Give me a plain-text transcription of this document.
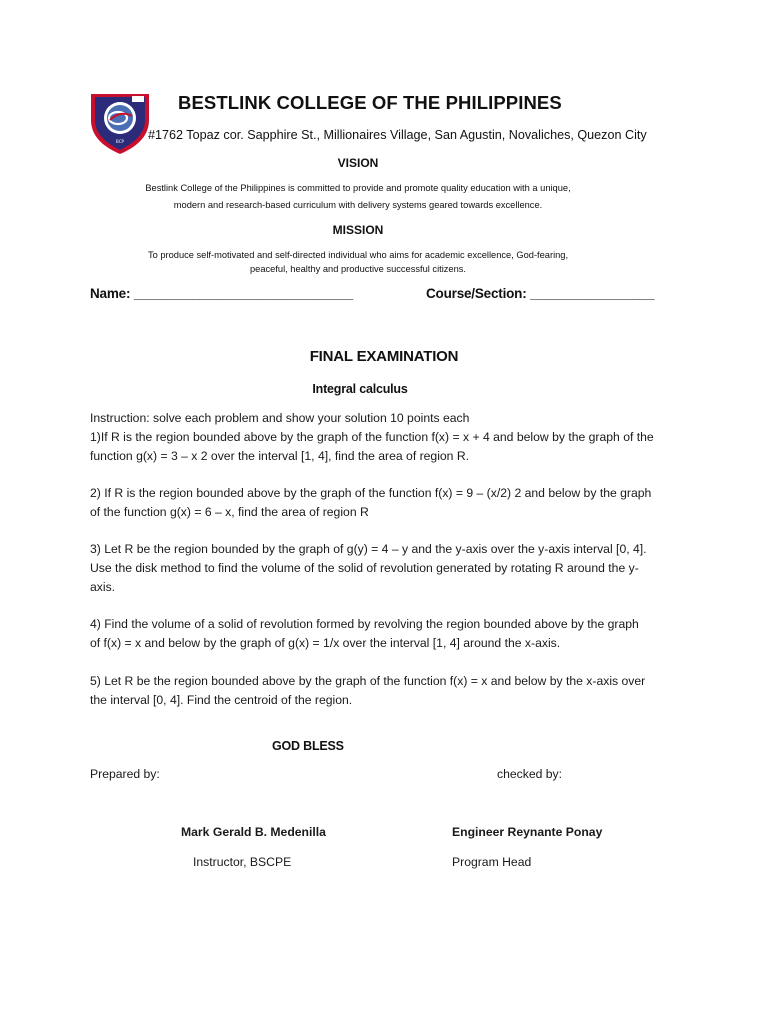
BCP
BESTLINK COLLEGE OF THE PHILIPPINES
#1762 Topaz cor. Sapphire St., Millionaires Village, San Agustin, Novaliches, Quezon City
VISION
Bestlink College of the Philippines is committed to provide and promote quality education with a unique,
modern and research-based curriculum with delivery systems geared towards excellence.
MISSION
To produce self-motivated and self-directed individual who aims for academic excellence, God-fearing,
peaceful, healthy and productive successful citizens.
Name: ______________________________	Course/Section: _________________
FINAL EXAMINATION
Integral calculus
Instruction: solve each problem and show your solution 10 points each
1)If R is the region bounded above by the graph of the function f(x) = x + 4 and below by the graph of the
function g(x) = 3 – x 2 over the interval [1, 4], find the area of region R.
2) If R is the region bounded above by the graph of the function f(x) = 9 – (x/2) 2 and below by the graph
of the function g(x) = 6 – x, find the area of region R
3) Let R be the region bounded by the graph of g(y) = 4 – y and the y-axis over the y-axis interval [0, 4].
Use the disk method to find the volume of the solid of revolution generated by rotating R around the y-
axis.
4) Find the volume of a solid of revolution formed by revolving the region bounded above by the graph
of f(x) = x and below by the graph of g(x) = 1/x over the interval [1, 4] around the x-axis.
5) Let R be the region bounded above by the graph of the function f(x) = x and below by the x-axis over
the interval [0, 4]. Find the centroid of the region.
GOD BLESS
Prepared by:	checked by:
Mark Gerald B. Medenilla	Engineer Reynante Ponay
Instructor, BSCPE	Program Head
